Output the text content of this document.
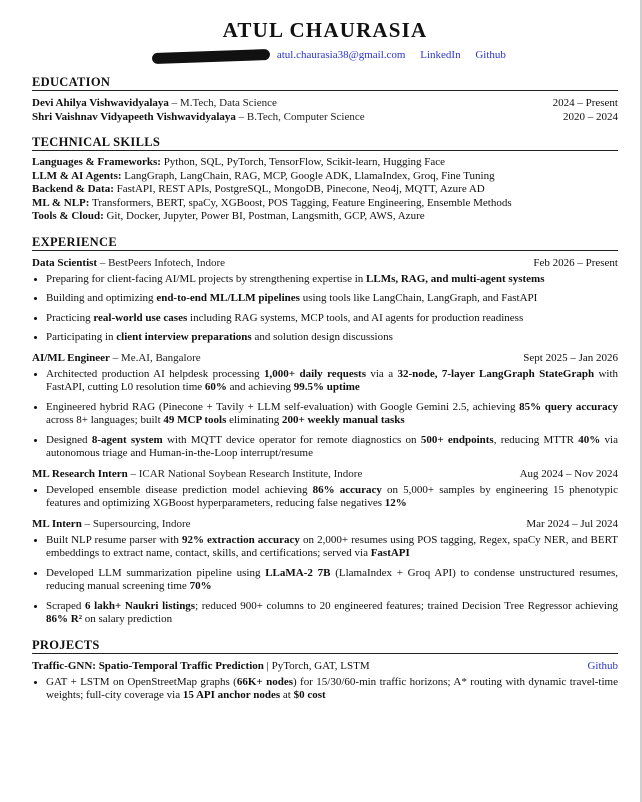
ATUL CHAURASIA
atul.chaurasia38@gmail.com LinkedIn Github
EDUCATION
Devi Ahilya Vishwavidyalaya – M.Tech, Data Science	2024 – Present
Shri Vaishnav Vidyapeeth Vishwavidyalaya – B.Tech, Computer Science	2020 – 2024
TECHNICAL SKILLS
Languages & Frameworks: Python, SQL, PyTorch, TensorFlow, Scikit-learn, Hugging Face
LLM & AI Agents: LangGraph, LangChain, RAG, MCP, Google ADK, LlamaIndex, Groq, Fine Tuning
Backend & Data: FastAPI, REST APIs, PostgreSQL, MongoDB, Pinecone, Neo4j, MQTT, Azure AD
ML & NLP: Transformers, BERT, spaCy, XGBoost, POS Tagging, Feature Engineering, Ensemble Methods
Tools & Cloud: Git, Docker, Jupyter, Power BI, Postman, Langsmith, GCP, AWS, Azure
EXPERIENCE
Data Scientist – BestPeers Infotech, Indore	Feb 2026 – Present
• Preparing for client-facing AI/ML projects by strengthening expertise in LLMs, RAG, and multi-agent systems
• Building and optimizing end-to-end ML/LLM pipelines using tools like LangChain, LangGraph, and FastAPI
• Practicing real-world use cases including RAG systems, MCP tools, and AI agents for production readiness
• Participating in client interview preparations and solution design discussions
AI/ML Engineer – Me.AI, Bangalore	Sept 2025 – Jan 2026
• Architected production AI helpdesk processing 1,000+ daily requests via a 32-node, 7-layer LangGraph StateGraph with FastAPI, cutting L0 resolution time 60% and achieving 99.5% uptime
• Engineered hybrid RAG (Pinecone + Tavily + LLM self-evaluation) with Google Gemini 2.5, achieving 85% query accuracy across 8+ languages; built 49 MCP tools eliminating 200+ weekly manual tasks
• Designed 8-agent system with MQTT device operator for remote diagnostics on 500+ endpoints, reducing MTTR 40% via autonomous triage and Human-in-the-Loop interrupt/resume
ML Research Intern – ICAR National Soybean Research Institute, Indore	Aug 2024 – Nov 2024
• Developed ensemble disease prediction model achieving 86% accuracy on 5,000+ samples by engineering 15 phenotypic features and optimizing XGBoost hyperparameters, reducing false negatives 12%
ML Intern – Supersourcing, Indore	Mar 2024 – Jul 2024
• Built NLP resume parser with 92% extraction accuracy on 2,000+ resumes using POS tagging, Regex, spaCy NER, and BERT embeddings to extract name, contact, skills, and certifications; served via FastAPI
• Developed LLM summarization pipeline using LLaMA-2 7B (LlamaIndex + Groq API) to condense unstructured resumes, reducing manual screening time 70%
• Scraped 6 lakh+ Naukri listings; reduced 900+ columns to 20 engineered features; trained Decision Tree Regressor achieving 86% R² on salary prediction
PROJECTS
Traffic-GNN: Spatio-Temporal Traffic Prediction | PyTorch, GAT, LSTM	Github
• GAT + LSTM on OpenStreetMap graphs (66K+ nodes) for 15/30/60-min traffic horizons; A* routing with dynamic travel-time weights; full-city coverage via 15 API anchor nodes at $0 cost
